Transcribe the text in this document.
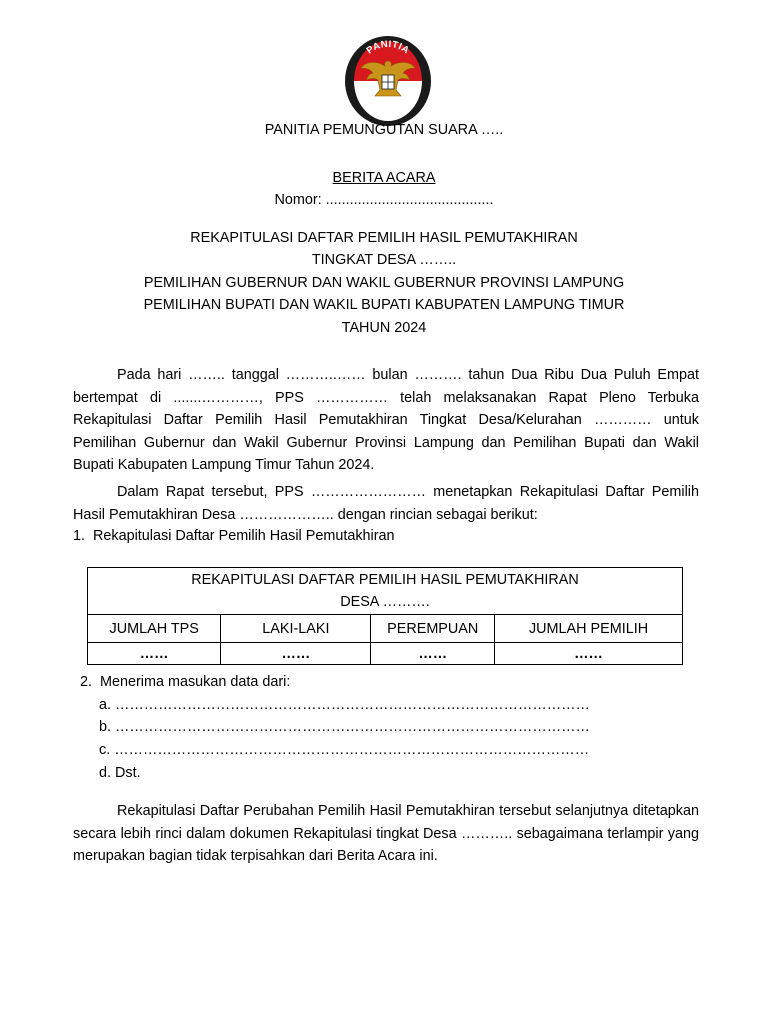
PANITIA
PEMUNGUTAN SUARA
PANITIA PEMUNGUTAN SUARA …..
BERITA ACARA
Nomor: ..........................................
REKAPITULASI DAFTAR PEMILIH HASIL PEMUTAKHIRAN
TINGKAT DESA ……..
PEMILIHAN GUBERNUR DAN WAKIL GUBERNUR PROVINSI LAMPUNG
PEMILIHAN BUPATI DAN WAKIL BUPATI KABUPATEN LAMPUNG TIMUR
TAHUN 2024

Pada hari …….. tanggal ………..…… bulan ………. tahun Dua Ribu Dua Puluh Empat bertempat di .......…………, PPS …………… telah melaksanakan Rapat Pleno Terbuka Rekapitulasi Daftar Pemilih Hasil Pemutakhiran Tingkat Desa/Kelurahan ………… untuk Pemilihan Gubernur dan Wakil Gubernur Provinsi Lampung dan Pemilihan Bupati dan Wakil Bupati Kabupaten Lampung Timur Tahun 2024.

Dalam Rapat tersebut, PPS …………………… menetapkan Rekapitulasi Daftar Pemilih Hasil Pemutakhiran Desa ……………….. dengan rincian sebagai berikut:

1. Rekapitulasi Daftar Pemilih Hasil Pemutakhiran
REKAPITULASI DAFTAR PEMILIH HASIL PEMUTAKHIRAN
DESA ……….			

JUMLAH TPS	LAKI-LAKI	PEREMPUAN	JUMLAH PEMILIH
……	……	……	……
2. Menerima masukan data dari:
a. ………………………………………………………………………………………
b. ………………………………………………………………………………………
c. ………………………………………………………………………………………
d. Dst.

Rekapitulasi Daftar Perubahan Pemilih Hasil Pemutakhiran tersebut selanjutnya ditetapkan secara lebih rinci dalam dokumen Rekapitulasi tingkat Desa ……….. sebagaimana terlampir yang merupakan bagian tidak terpisahkan dari Berita Acara ini.
